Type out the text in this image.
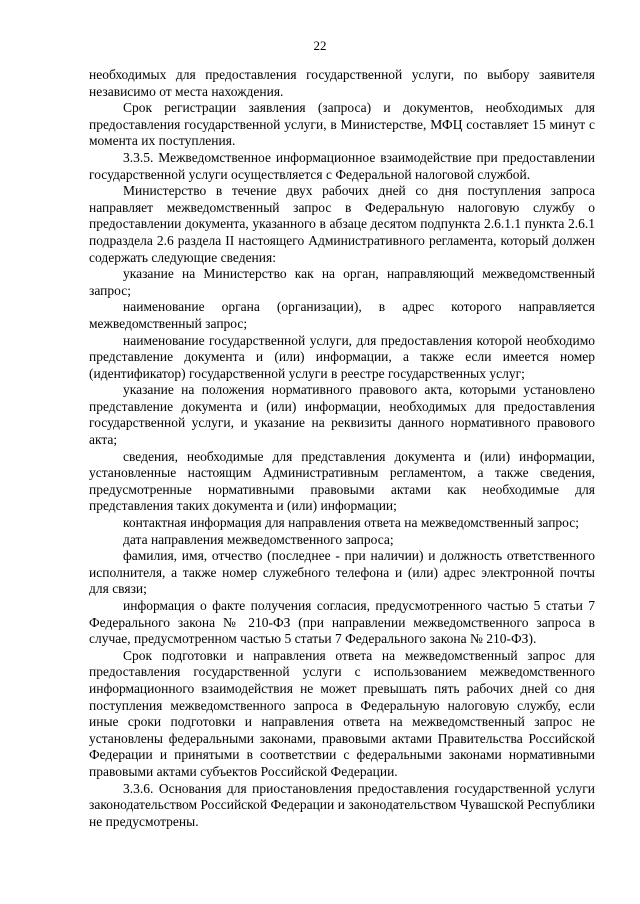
22

необходимых для предоставления государственной услуги, по выбору заявителя независимо от места нахождения.

Срок регистрации заявления (запроса) и документов, необходимых для предоставления государственной услуги, в Министерстве, МФЦ составляет 15 минут с момента их поступления.

3.3.5. Межведомственное информационное взаимодействие при предоставлении государственной услуги осуществляется с Федеральной налоговой службой.

Министерство в течение двух рабочих дней со дня поступления запроса направляет межведомственный запрос в Федеральную налоговую службу о предоставлении документа, указанного в абзаце десятом подпункта 2.6.1.1 пункта 2.6.1 подраздела 2.6 раздела II настоящего Административного регламента, который должен содержать следующие сведения:

указание на Министерство как на орган, направляющий межведомственный запрос;

наименование органа (организации), в адрес которого направляется межведомственный запрос;

наименование государственной услуги, для предоставления которой необходимо представление документа и (или) информации, а также если имеется номер (идентификатор) государственной услуги в реестре государственных услуг;

указание на положения нормативного правового акта, которыми установлено представление документа и (или) информации, необходимых для предоставления государственной услуги, и указание на реквизиты данного нормативного правового акта;

сведения, необходимые для представления документа и (или) информации, установленные настоящим Административным регламентом, а также сведения, предусмотренные нормативными правовыми актами как необходимые для представления таких документа и (или) информации;

контактная информация для направления ответа на межведомственный запрос;

дата направления межведомственного запроса;

фамилия, имя, отчество (последнее - при наличии) и должность ответственного исполнителя, а также номер служебного телефона и (или) адрес электронной почты для связи;

информация о факте получения согласия, предусмотренного частью 5 статьи 7 Федерального закона № 210-ФЗ (при направлении межведомственного запроса в случае, предусмотренном частью 5 статьи 7 Федерального закона № 210-ФЗ).

Срок подготовки и направления ответа на межведомственный запрос для предоставления государственной услуги с использованием межведомственного информационного взаимодействия не может превышать пять рабочих дней со дня поступления межведомственного запроса в Федеральную налоговую службу, если иные сроки подготовки и направления ответа на межведомственный запрос не установлены федеральными законами, правовыми актами Правительства Российской Федерации и принятыми в соответствии с федеральными законами нормативными правовыми актами субъектов Российской Федерации.

3.3.6. Основания для приостановления предоставления государственной услуги законодательством Российской Федерации и законодательством Чувашской Республики не предусмотрены.
